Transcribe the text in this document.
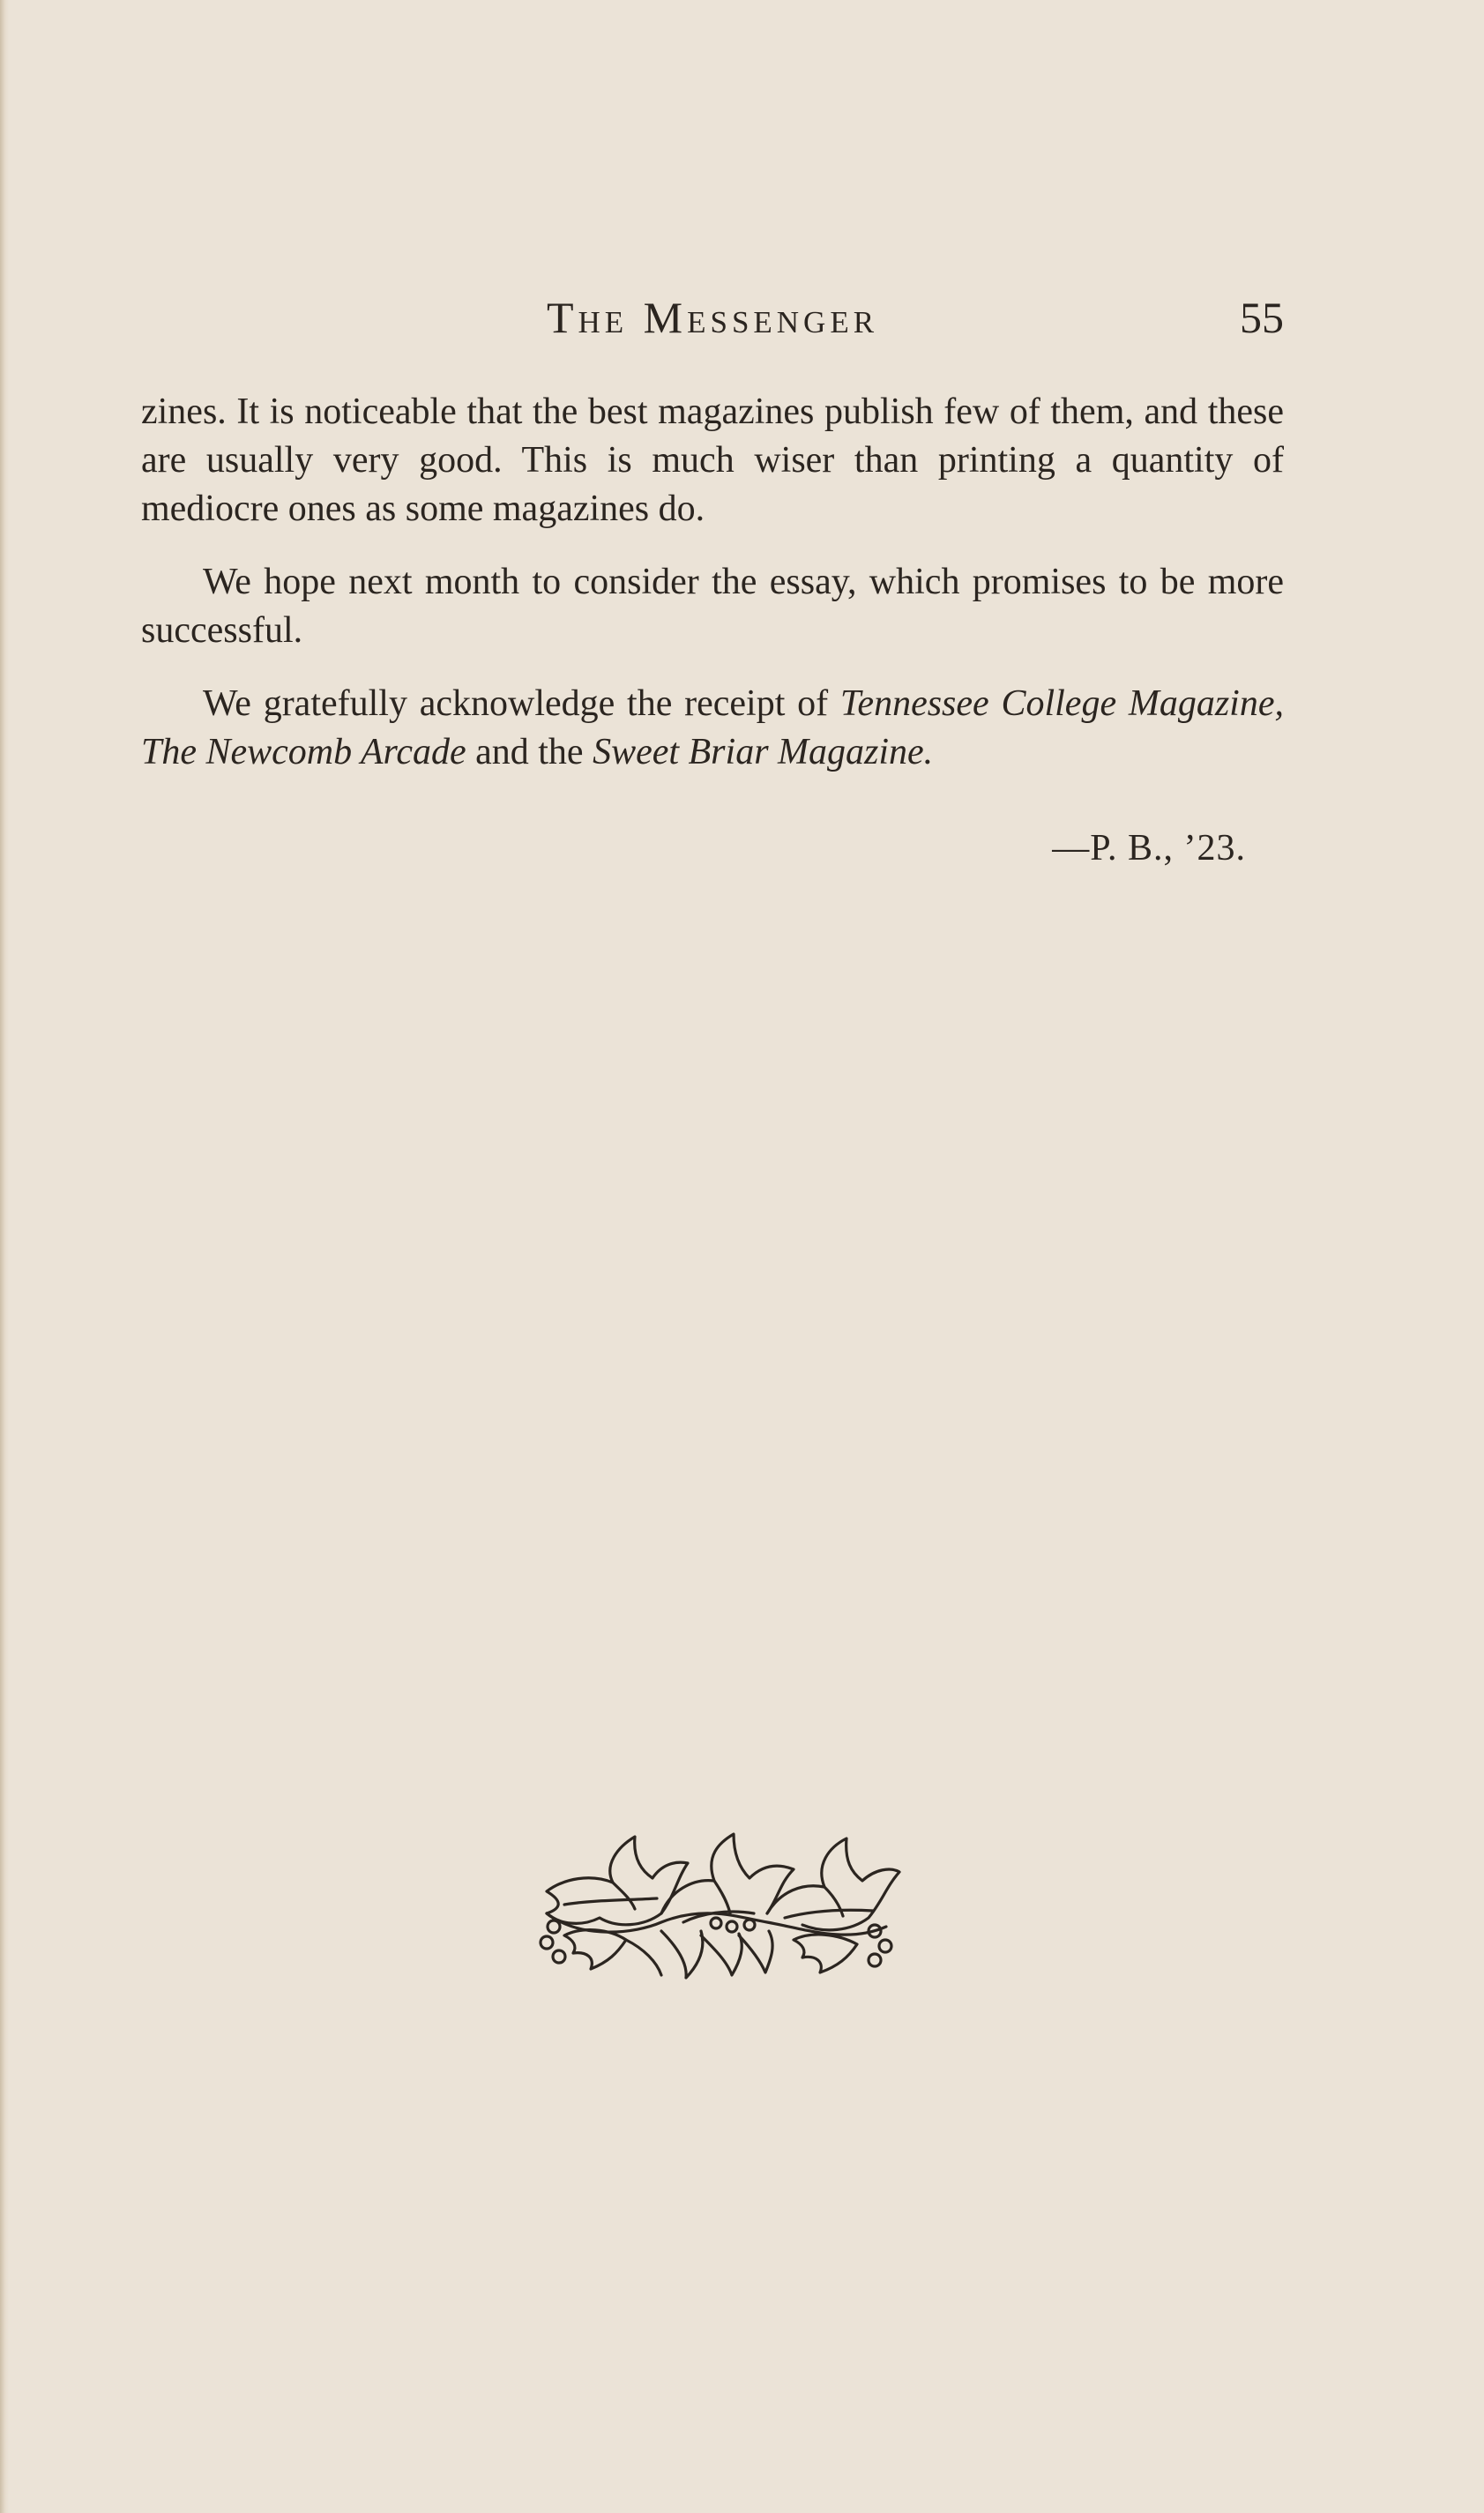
The Messenger	55

zines. It is noticeable that the best magazines publish few of them, and these are usually very good. This is much wiser than printing a quantity of mediocre ones as some magazines do.

We hope next month to consider the essay, which promises to be more successful.

We gratefully acknowledge the receipt of Tennessee College Magazine, The Newcomb Arcade and the Sweet Briar Magazine.

—P. B., ’23.
